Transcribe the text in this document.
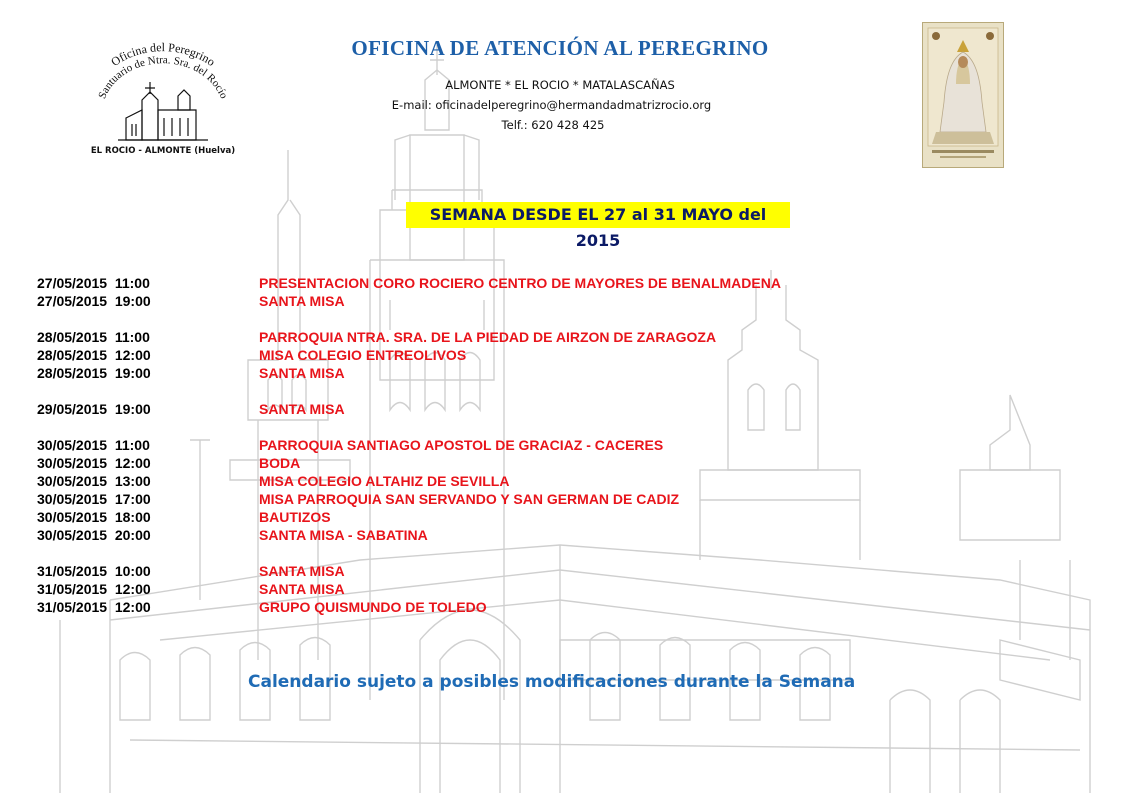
Oficina del Peregrino
Santuario de Ntra. Sra. del Rocío
EL ROCIO - ALMONTE (Huelva)
OFICINA DE ATENCIÓN AL PEREGRINO
ALMONTE * EL ROCIO * MATALASCAÑAS
E-mail: oficinadelperegrino@hermandadmatrizrocio.org
Telf.: 620 428 425
SEMANA DESDE EL 27 al 31 MAYO del 2015
27/05/2015  11:00	PRESENTACION CORO ROCIERO CENTRO DE MAYORES DE BENALMADENA
27/05/2015  19:00	SANTA MISA
28/05/2015  11:00	PARROQUIA NTRA. SRA. DE LA PIEDAD DE AIRZON DE ZARAGOZA
28/05/2015  12:00	MISA COLEGIO ENTREOLIVOS
28/05/2015  19:00	SANTA MISA
29/05/2015  19:00	SANTA MISA
30/05/2015  11:00	PARROQUIA SANTIAGO APOSTOL DE GRACIAZ - CACERES
30/05/2015  12:00	BODA
30/05/2015  13:00	MISA COLEGIO ALTAHIZ DE SEVILLA
30/05/2015  17:00	MISA PARROQUIA SAN SERVANDO Y SAN GERMAN DE CADIZ
30/05/2015  18:00	BAUTIZOS
30/05/2015  20:00	SANTA MISA - SABATINA
31/05/2015  10:00	SANTA MISA
31/05/2015  12:00	SANTA MISA
31/05/2015  12:00	GRUPO QUISMUNDO DE TOLEDO
Calendario sujeto a posibles modificaciones durante la Semana
